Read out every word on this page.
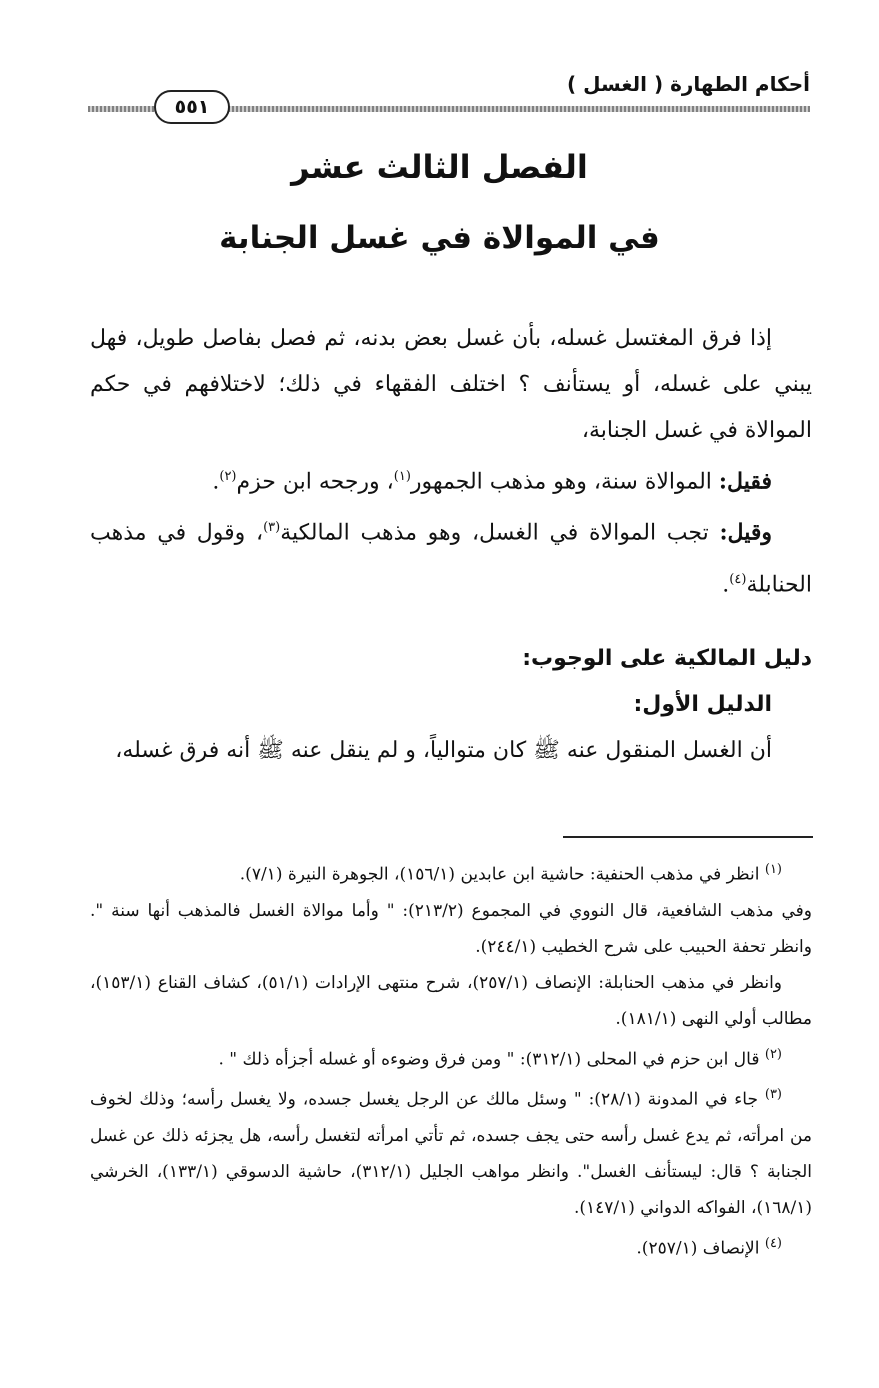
أحكام الطهارة ( الغسل )
٥٥١
الفصل الثالث عشر
في الموالاة في غسل الجنابة

إذا فرق المغتسل غسله، بأن غسل بعض بدنه، ثم فصل بفاصل طويل، فهل يبني على غسله، أو يستأنف ؟ اختلف الفقهاء في ذلك؛ لاختلافهم في حكم الموالاة في غسل الجنابة،

فقيل: الموالاة سنة، وهو مذهب الجمهور$^{(١)}$، ورجحه ابن حزم$^{(٢)}$.

وقيل: تجب الموالاة في الغسل، وهو مذهب المالكية$^{(٣)}$، وقول في مذهب الحنابلة$^{(٤)}$.

دليل المالكية على الوجوب:

الدليل الأول:

أن الغسل المنقول عنه ﷺ كان متوالياً، و لم ينقل عنه ﷺ أنه فرق غسله،

$^{(١)}$ انظر في مذهب الحنفية: حاشية ابن عابدين (١٥٦/١)، الجوهرة النيرة (٧/١).

وفي مذهب الشافعية، قال النووي في المجموع (٢١٣/٢): " وأما موالاة الغسل فالمذهب أنها سنة ". وانظر تحفة الحبيب على شرح الخطيب (٢٤٤/١).

وانظر في مذهب الحنابلة: الإنصاف (٢٥٧/١)، شرح منتهى الإرادات (٥١/١)، كشاف القناع (١٥٣/١)، مطالب أولي النهى (١٨١/١).

$^{(٢)}$ قال ابن حزم في المحلى (٣١٢/١): " ومن فرق وضوءه أو غسله أجزأه ذلك " .

$^{(٣)}$ جاء في المدونة (٢٨/١): " وسئل مالك عن الرجل يغسل جسده، ولا يغسل رأسه؛ وذلك لخوف من امرأته، ثم يدع غسل رأسه حتى يجف جسده، ثم تأتي امرأته لتغسل رأسه، هل يجزئه ذلك عن غسل الجنابة ؟ قال: ليستأنف الغسل". وانظر مواهب الجليل (٣١٢/١)، حاشية الدسوقي (١٣٣/١)، الخرشي (١٦٨/١)، الفواكه الدواني (١٤٧/١).

$^{(٤)}$ الإنصاف (٢٥٧/١).
